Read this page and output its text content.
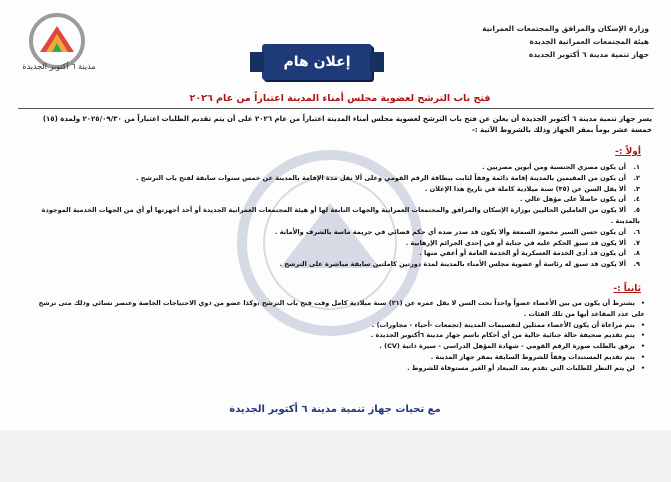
مدينة ٦ أكتوبر الجديدة
وزارة الإسكان والمرافق والمجتمعات العمرانية
هيئة المجتمعات العمرانية الجديدة
جهاز تنمية مدينة ٦ أكتوبر الجديدة
إعلان هام
فتح باب الترشح لعضوية مجلس أمناء المدينة اعتباراً من عام ٢٠٢٦
يسر جهاز تنمية مدينة ٦ أكتوبر الجديدة أن يعلن عن فتح باب الترشح لعضوية مجلس أمناء المدينة اعتباراً من عام ٢٠٢٦ على أن يتم تقديم الطلبات اعتباراً من ٢٠٢٥/٠٩/٣٠ ولمدة (١٥) خمسة عشر يوماً بمقر الجهاز وذلك بالشروط الآتية :-
أولاً :-
١.أن يكون مصري الجنسية ومن أبوين مصريين .
٢.أن يكون من المقيمين بالمدينة إقامة دائمة وفقاً لثابت ببطاقة الرقم القومي وعلى ألا تقل مدة الإقامة بالمدينة عن خمس سنوات سابقة لفتح باب الترشح .
٣.ألا يقل السن عن (٣٥) سنة ميلادية كاملة في تاريخ هذا الإعلان .
٤.أن يكون حاصلاً على مؤهل عالي .
٥.ألا يكون من العاملين الحاليين بوزارة الإسكان والمرافق والمجتمعات العمرانية والجهات التابعة لها أو هيئة المجتمعات العمرانية الجديدة أو أحد أجهزتها أو أي من الجهات الخدمية الموجودة بالمدينة .
٦.أن يكون حسن السير محمود السمعة وألا يكون قد صدر ضده أي حكم قضائي في جريمة ماسة بالشرف والأمانة .
٧.ألا يكون قد سبق الحكم عليه في جناية أو في إحدى الجرائم الإرهابية .
٨.أن يكون قد أدى الخدمة العسكرية أو الخدمة العامة أو أعفي منها .
٩.ألا يكون قد سبق له رئاسة أو عضوية مجلس الأمناء بالمدينة لمدة دورتين كاملتين سابقة مباشرة على الترشح .
ثانياً :-
• يشترط أن يكون من بين الأعضاء عضواً واحداً تحت السن لا يقل عمره عن (٢١) سنة ميلادية كامل وقت فتح باب الترشح ،وكذا عضو من ذوي الاحتياجات الخاصة وعنصر نسائي وذلك متى ترشح على عدد المقاعد أيها من تلك الفئات .
• يتم مراعاة أن يكون الأعضاء ممثلين لتقسيمات المدينة (تجمعات -أحياء - مجاورات) .
• يتم تقديم صحيفة حالة جنائية خالية من أي أحكام باسم جهاز مدينة ٦أكتوبر الجديدة .
• يرفق بالطلب صورة الرقم القومي - شهادة المؤهل الدراسي - سيرة ذاتية (CV) .
• يتم تقديم المستندات وفقاً للشروط السابقة بمقر جهاز المدينة .
• لن يتم النظر للطلبات التي تقدم بعد الميعاد أو الغير مستوفاة للشروط .
مع تحيات جهاز تنمية مدينة ٦ أكتوبر الجديدة
